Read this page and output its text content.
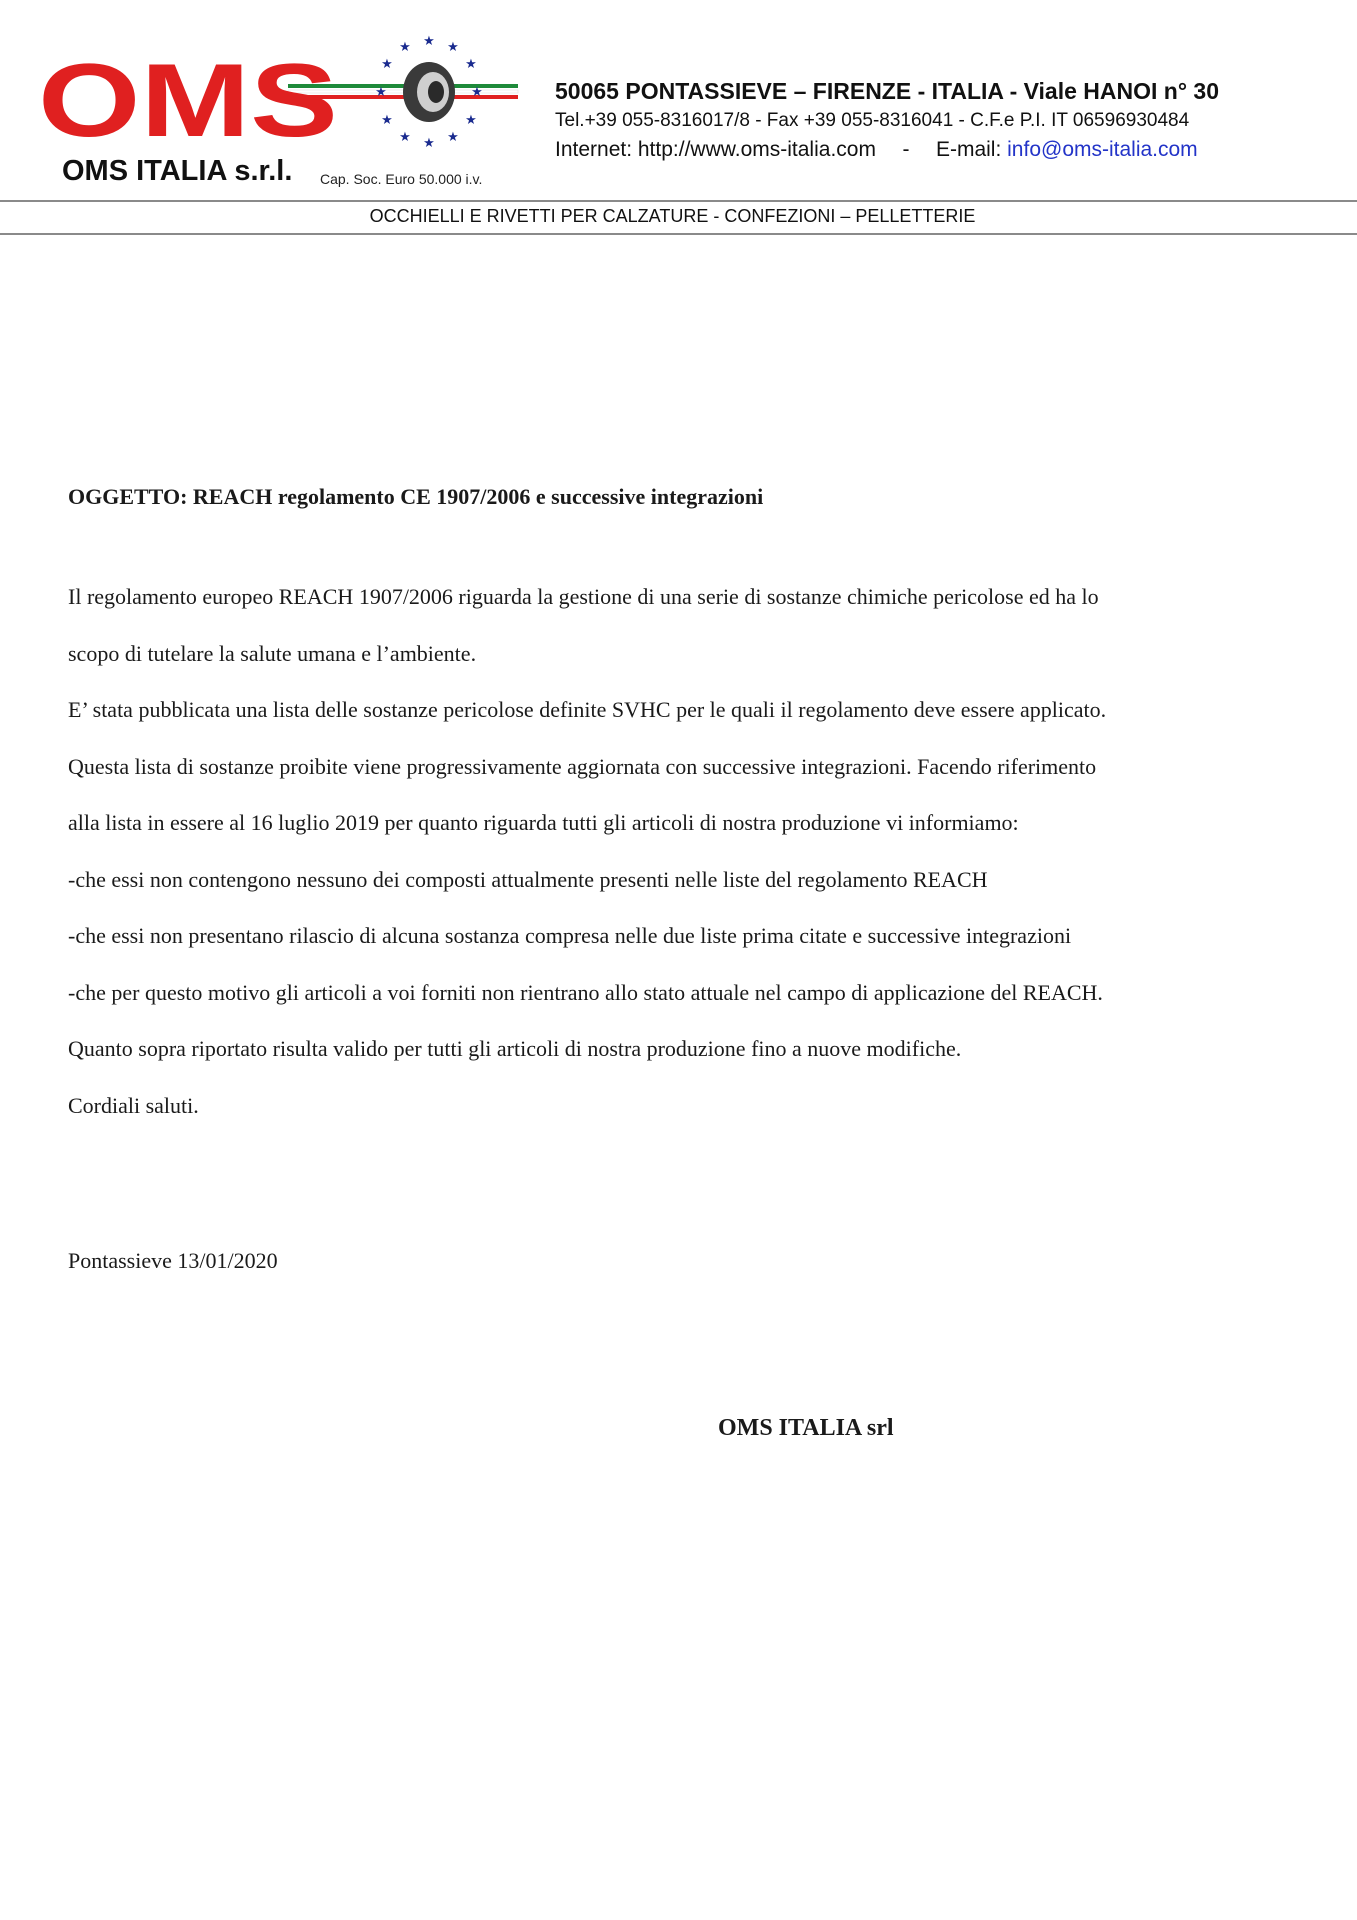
OMS
★ ★
★
★
★
★
★
★
★
★
★
★
OMS ITALIA s.r.l. Cap. Soc. Euro 50.000 i.v.
50065 PONTASSIEVE – FIRENZE - ITALIA - Viale HANOI n° 30
Tel.+39 055-8316017/8 - Fax +39 055-8316041 - C.F.e P.I. IT 06596930484
Internet: http://www.oms-italia.com - E-mail: info@oms-italia.com
OCCHIELLI E RIVETTI PER CALZATURE - CONFEZIONI – PELLETTERIE
OGGETTO: REACH regolamento CE 1907/2006 e successive integrazioni

Il regolamento europeo REACH 1907/2006 riguarda la gestione di una serie di sostanze chimiche pericolose ed ha lo

scopo di tutelare la salute umana e l’ambiente.

E’ stata pubblicata una lista delle sostanze pericolose definite SVHC per le quali il regolamento deve essere applicato.

Questa lista di sostanze proibite viene progressivamente aggiornata con successive integrazioni. Facendo riferimento

alla lista in essere al 16 luglio 2019 per quanto riguarda tutti gli articoli di nostra produzione vi informiamo:

-che essi non contengono nessuno dei composti attualmente presenti nelle liste del regolamento REACH

-che essi non presentano rilascio di alcuna sostanza compresa nelle due liste prima citate e successive integrazioni

-che per questo motivo gli articoli a voi forniti non rientrano allo stato attuale nel campo di applicazione del REACH.

Quanto sopra riportato risulta valido per tutti gli articoli di nostra produzione fino a nuove modifiche.

Cordiali saluti.

Pontassieve 13/01/2020
OMS ITALIA srl
